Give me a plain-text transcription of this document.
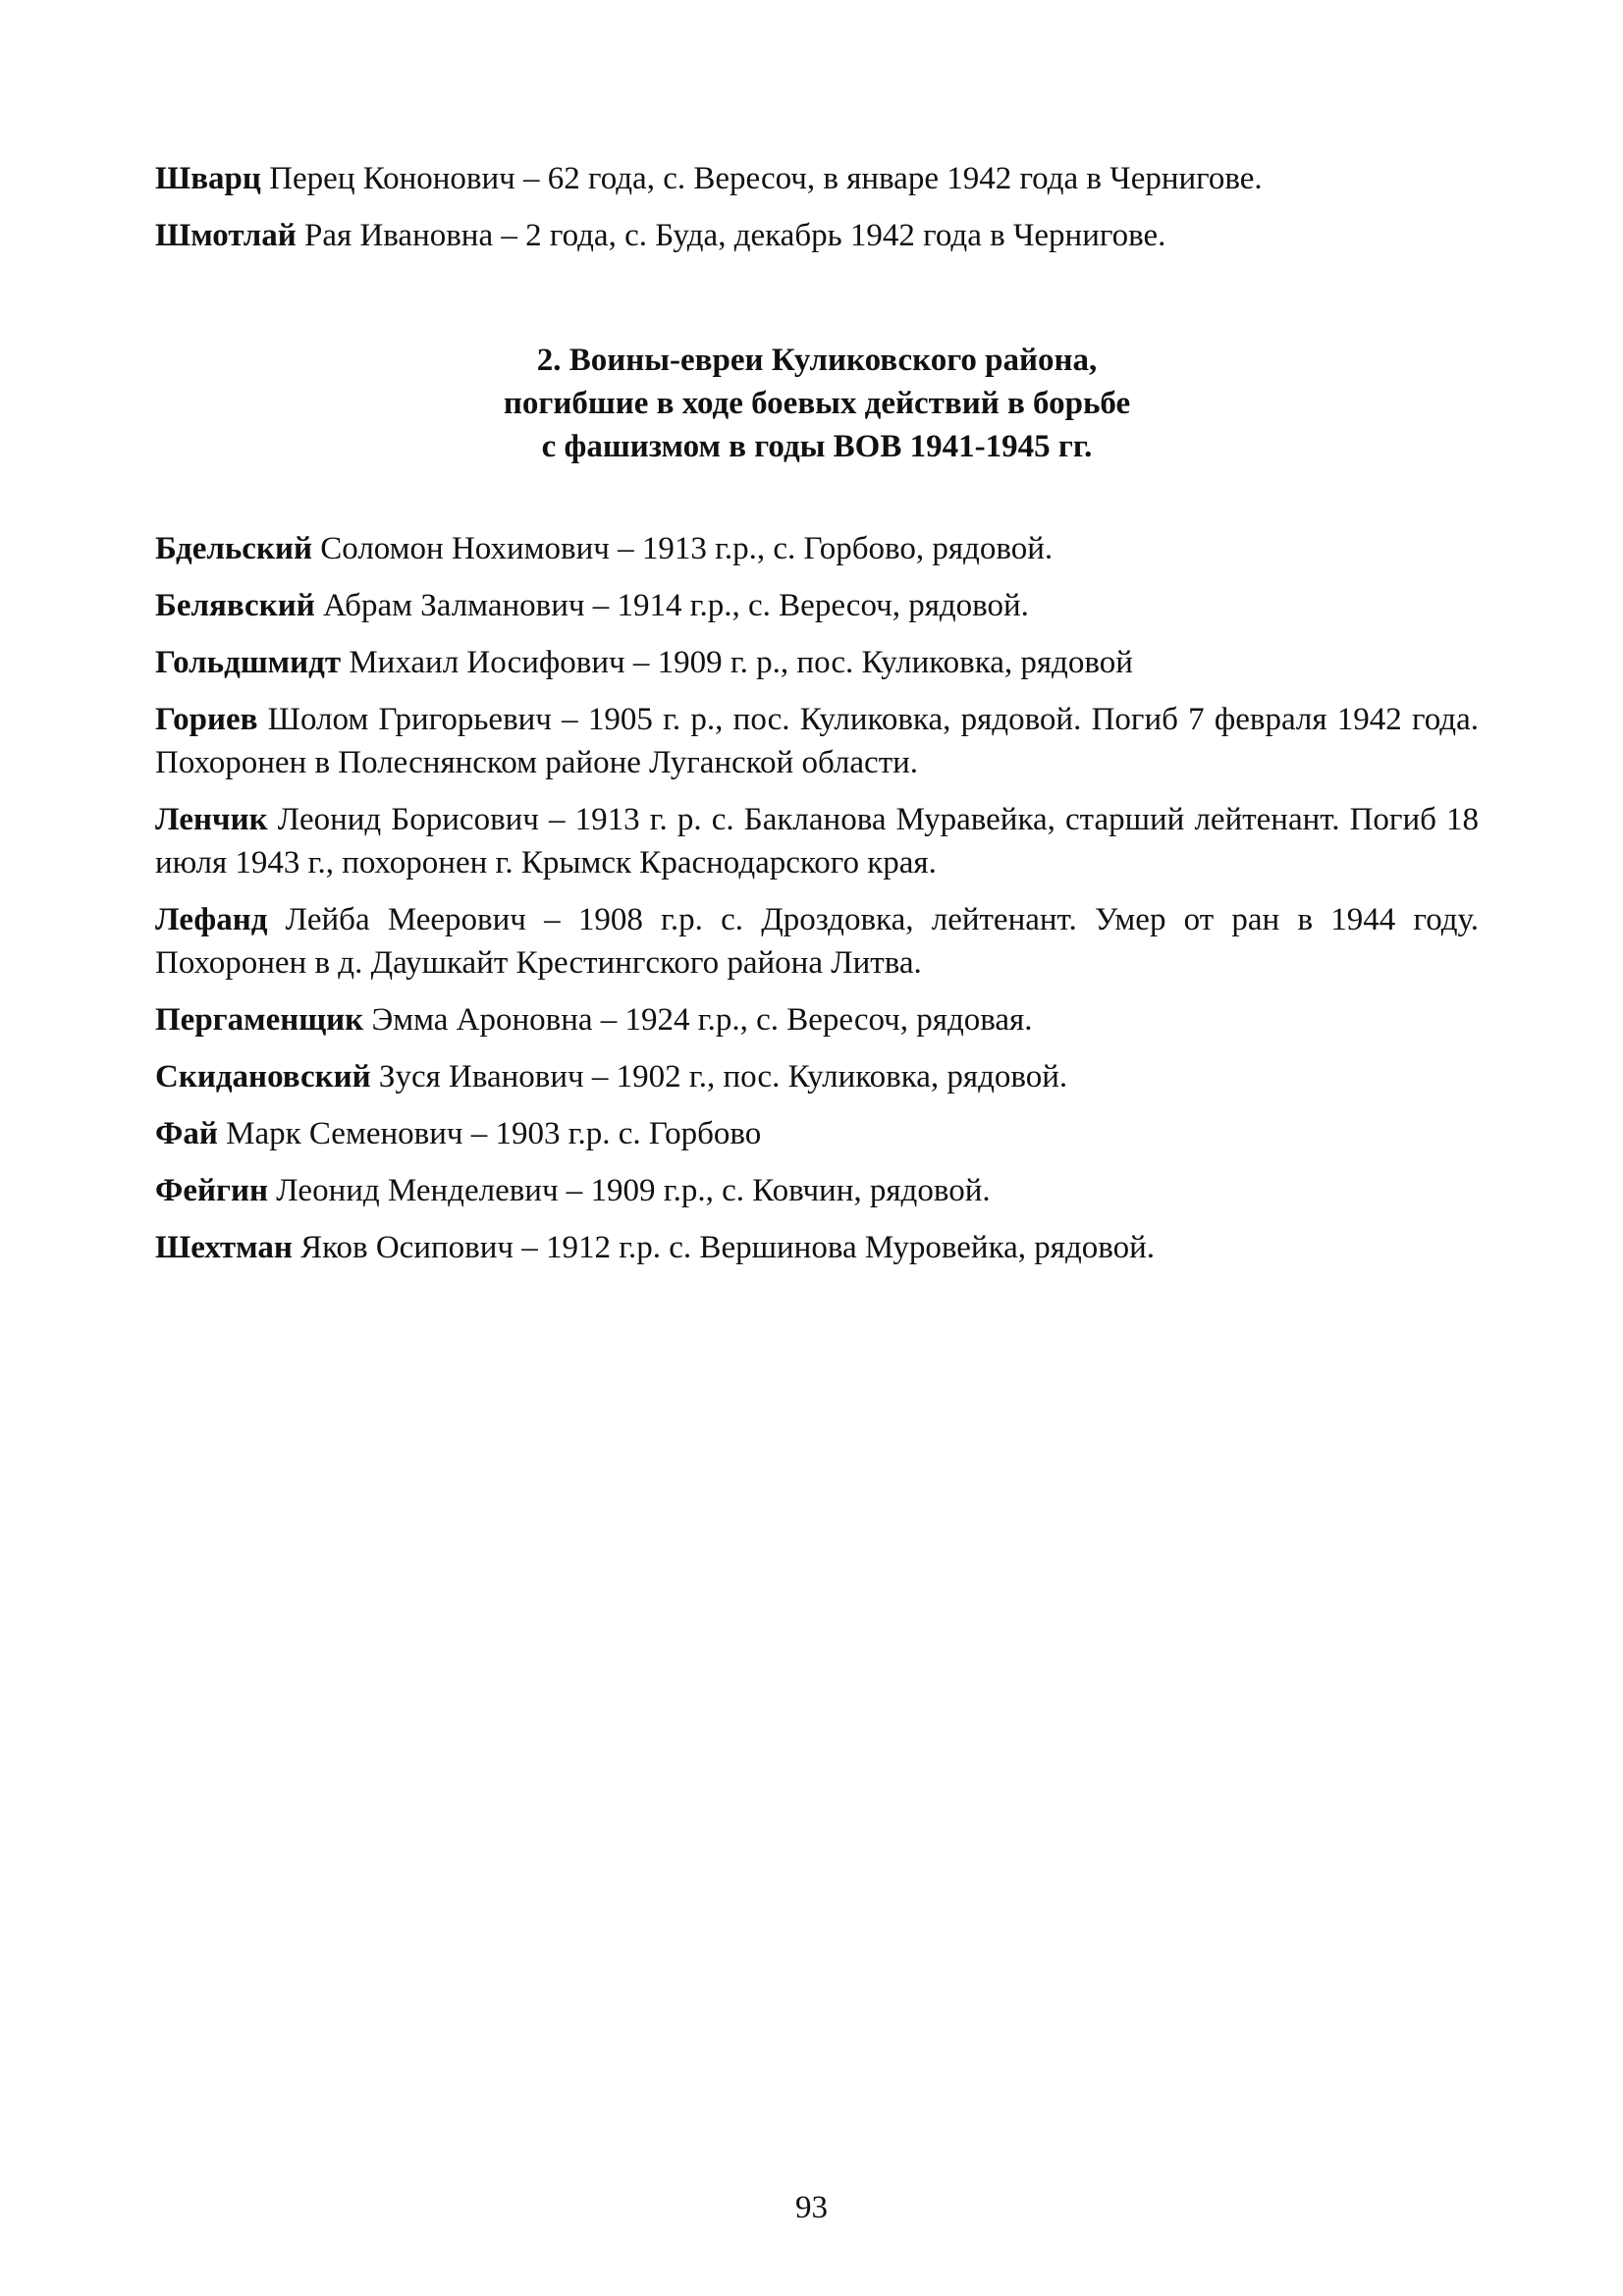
Шварц Перец Кононович – 62 года, с. Вересоч, в январе 1942 года в Чернигове.

Шмотлай Рая Ивановна – 2 года, с. Буда, декабрь 1942 года в Чернигове.

2. Воины-евреи Куликовского района,
погибшие в ходе боевых действий в борьбе
с фашизмом в годы ВОВ 1941-1945 гг.

Бдельский Соломон Нохимович – 1913 г.р., с. Горбово, рядовой.

Белявский Абрам Залманович – 1914 г.р., с. Вересоч, рядовой.

Гольдшмидт Михаил Иосифович – 1909 г. р., пос. Куликовка, рядовой

Гориев Шолом Григорьевич – 1905 г. р., пос. Куликовка, рядовой. Погиб 7 февраля 1942 года. Похоронен в Полеснянском районе Луганской области.

Ленчик Леонид Борисович – 1913 г. р. с. Бакланова Муравейка, старший лейтенант. Погиб 18 июля 1943 г., похоронен г. Крымск Краснодарского края.

Лефанд Лейба Меерович – 1908 г.р. с. Дроздовка, лейтенант. Умер от ран в 1944 году. Похоронен в д. Даушкайт Крестингского района Литва.

Пергаменщик Эмма Ароновна – 1924 г.р., с. Вересоч, рядовая.

Скидановский Зуся Иванович – 1902 г., пос. Куликовка, рядовой.

Фай Марк Семенович – 1903 г.р. с. Горбово

Фейгин Леонид Менделевич – 1909 г.р., с. Ковчин, рядовой.

Шехтман Яков Осипович – 1912 г.р. с. Вершинова Муровейка, рядовой.

93
